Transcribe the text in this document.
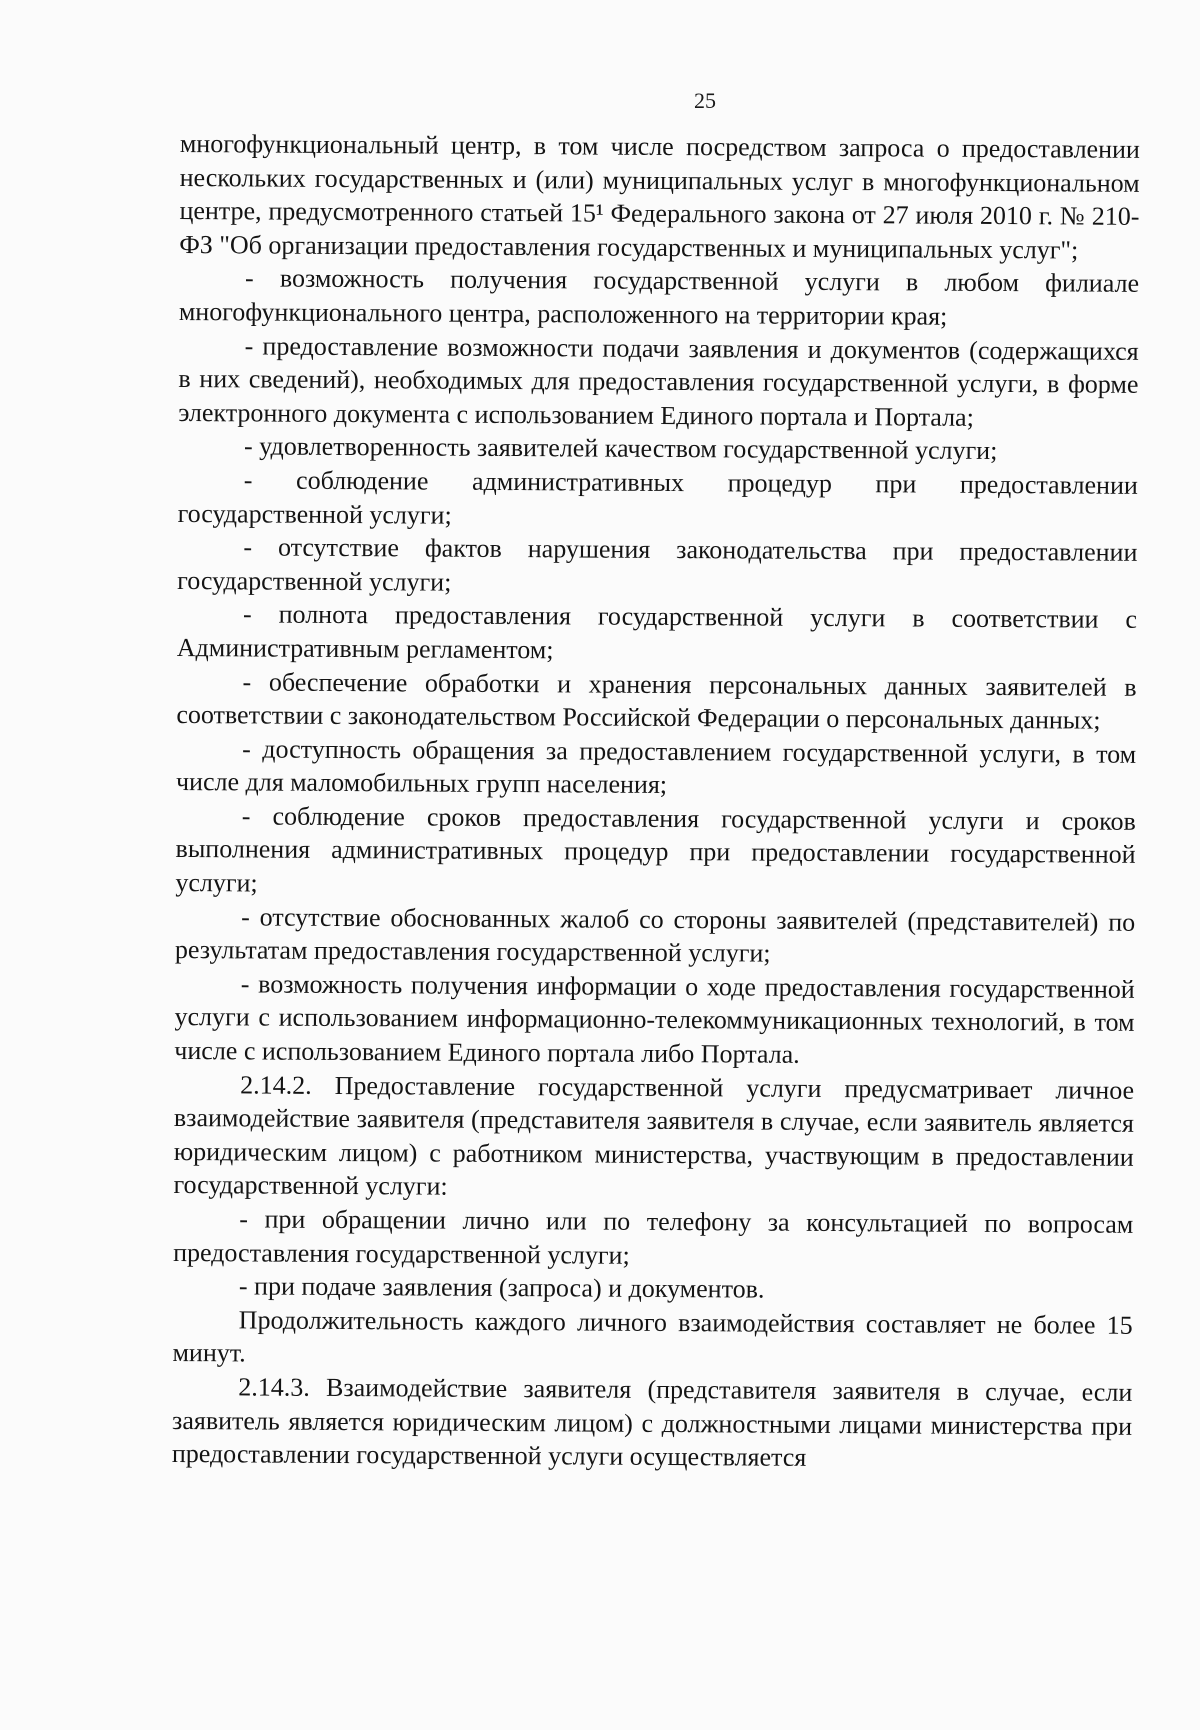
25

многофункциональный центр, в том числе посредством запроса о предоставлении нескольких государственных и (или) муниципальных услуг в многофункциональном центре, предусмотренного статьей 15¹ Федерального закона от 27 июля 2010 г. № 210-ФЗ "Об организации предоставления государственных и муниципальных услуг";

- возможность получения государственной услуги в любом филиале многофункционального центра, расположенного на территории края;

- предоставление возможности подачи заявления и документов (содержащихся в них сведений), необходимых для предоставления государственной услуги, в форме электронного документа с использованием Единого портала и Портала;

- удовлетворенность заявителей качеством государственной услуги;

- соблюдение административных процедур при предоставлении государственной услуги;

- отсутствие фактов нарушения законодательства при предоставлении государственной услуги;

- полнота предоставления государственной услуги в соответствии с Административным регламентом;

- обеспечение обработки и хранения персональных данных заявителей в соответствии с законодательством Российской Федерации о персональных данных;

- доступность обращения за предоставлением государственной услуги, в том числе для маломобильных групп населения;

- соблюдение сроков предоставления государственной услуги и сроков выполнения административных процедур при предоставлении государственной услуги;

- отсутствие обоснованных жалоб со стороны заявителей (представителей) по результатам предоставления государственной услуги;

- возможность получения информации о ходе предоставления государственной услуги с использованием информационно-телекоммуникационных технологий, в том числе с использованием Единого портала либо Портала.

2.14.2. Предоставление государственной услуги предусматривает личное взаимодействие заявителя (представителя заявителя в случае, если заявитель является юридическим лицом) с работником министерства, участвующим в предоставлении государственной услуги:

- при обращении лично или по телефону за консультацией по вопросам предоставления государственной услуги;

- при подаче заявления (запроса) и документов.

Продолжительность каждого личного взаимодействия составляет не более 15 минут.

2.14.3. Взаимодействие заявителя (представителя заявителя в случае, если заявитель является юридическим лицом) с должностными лицами министерства при предоставлении государственной услуги осуществляется
